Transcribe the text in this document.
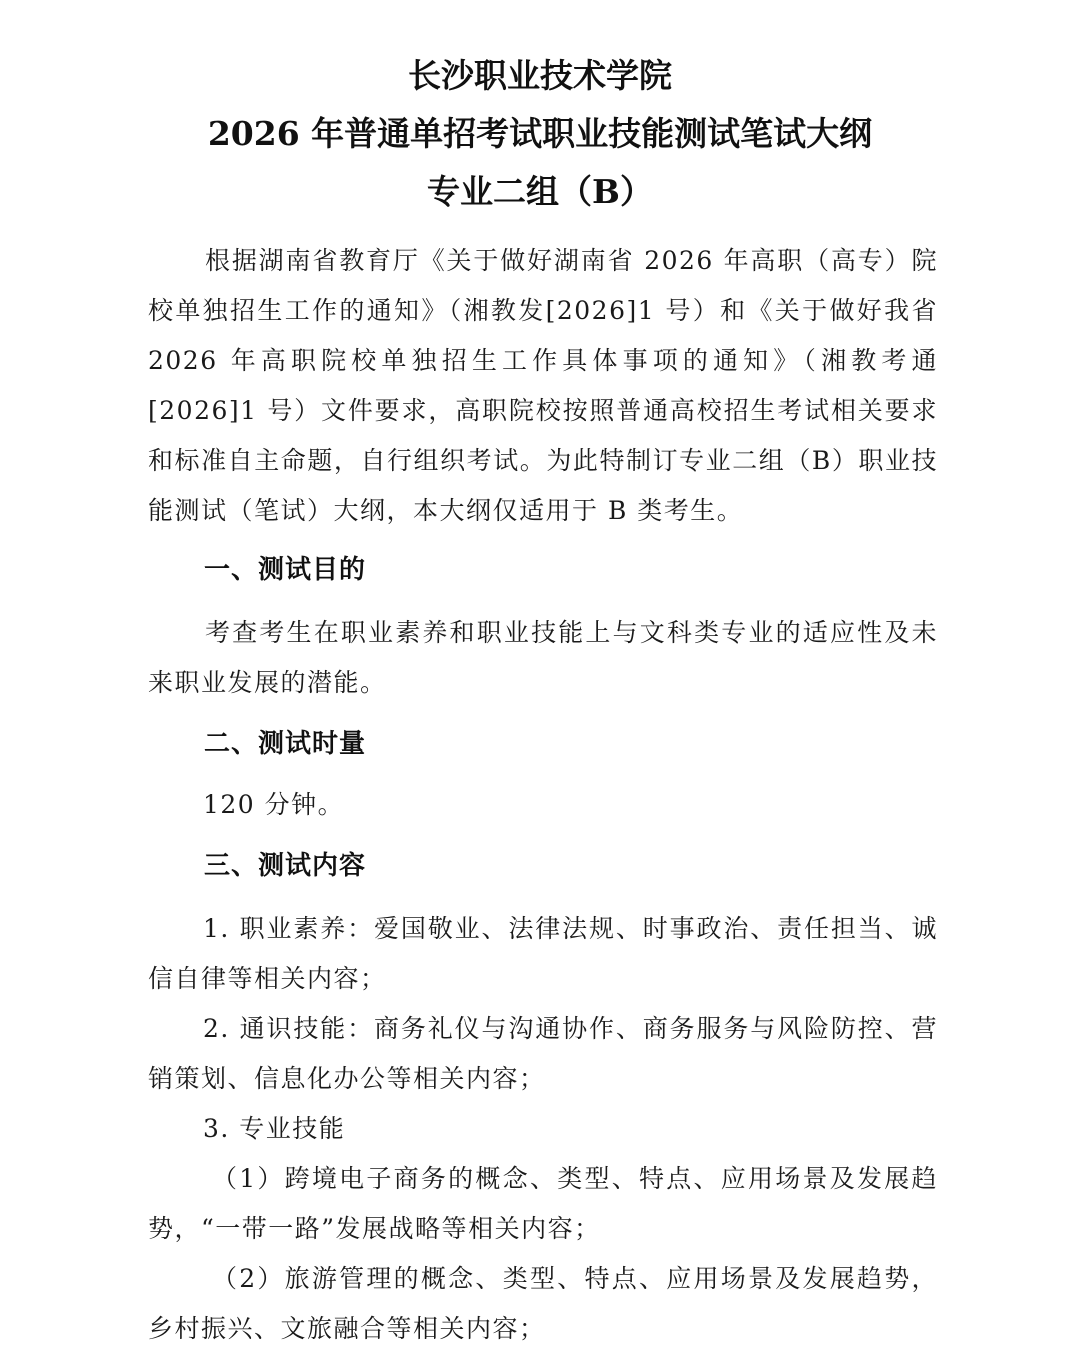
长沙职业技术学院
2026 年普通单招考试职业技能测试笔试大纲
专业二组（B）
根据湖南省教育厅《关于做好湖南省 2026 年高职（高专）院校单独招生工作的通知》（湘教发[2026]1 号）和《关于做好我省 2026 年高职院校单独招生工作具体事项的通知》（湘教考通[2026]1 号）文件要求，高职院校按照普通高校招生考试相关要求和标准自主命题，自行组织考试。为此特制订专业二组（B）职业技能测试（笔试）大纲，本大纲仅适用于 B 类考生。
一、测试目的
考查考生在职业素养和职业技能上与文科类专业的适应性及未来职业发展的潜能。
二、测试时量
120 分钟。
三、测试内容
1. 职业素养：爱国敬业、法律法规、时事政治、责任担当、诚信自律等相关内容；
2. 通识技能：商务礼仪与沟通协作、商务服务与风险防控、营销策划、信息化办公等相关内容；
3. 专业技能
（1）跨境电子商务的概念、类型、特点、应用场景及发展趋势，“一带一路”发展战略等相关内容；
（2）旅游管理的概念、类型、特点、应用场景及发展趋势，乡村振兴、文旅融合等相关内容；
